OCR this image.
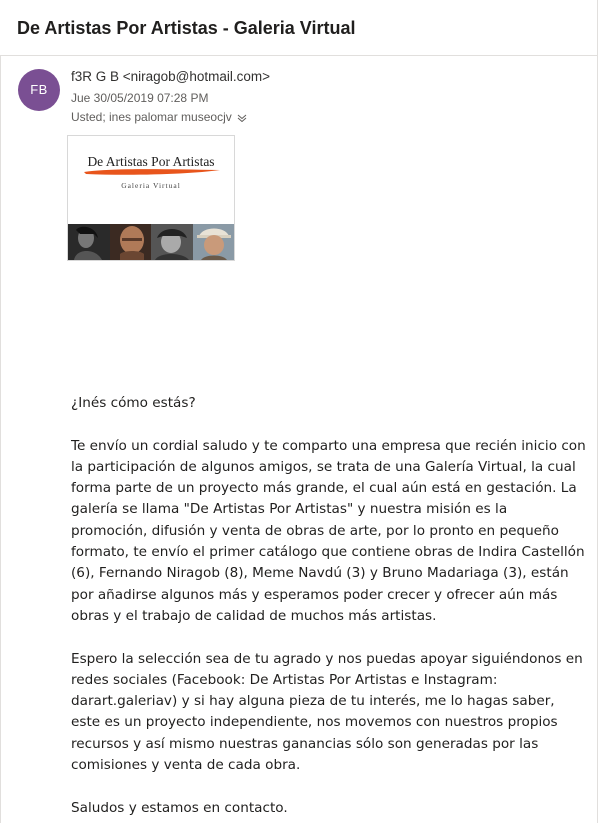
De Artistas Por Artistas - Galeria Virtual
FB
f3R G B <niragob@hotmail.com>
Jue 30/05/2019 07:28 PM
Usted; ines palomar museocjv
De Artistas Por Artistas
Galeria Virtual

¿Inés cómo estás?

Te envío un cordial saludo y te comparto una empresa que recién inicio con la participación de algunos amigos, se trata de una Galería Virtual, la cual forma parte de un proyecto más grande, el cual aún está en gestación. La galería se llama "De Artistas Por Artistas" y nuestra misión es la promoción, difusión y venta de obras de arte, por lo pronto en pequeño formato, te envío el primer catálogo que contiene obras de Indira Castellón (6), Fernando Niragob (8), Meme Navdú (3) y Bruno Madariaga (3), están por añadirse algunos más y esperamos poder crecer y ofrecer aún más obras y el trabajo de calidad de muchos más artistas.

Espero la selección sea de tu agrado y nos puedas apoyar siguiéndonos en redes sociales (Facebook: De Artistas Por Artistas e Instagram: darart.galeriav) y si hay alguna pieza de tu interés, me lo hagas saber, este es un proyecto independiente, nos movemos con nuestros propios recursos y así mismo nuestras ganancias sólo son generadas por las comisiones y venta de cada obra.

Saludos y estamos en contacto.
